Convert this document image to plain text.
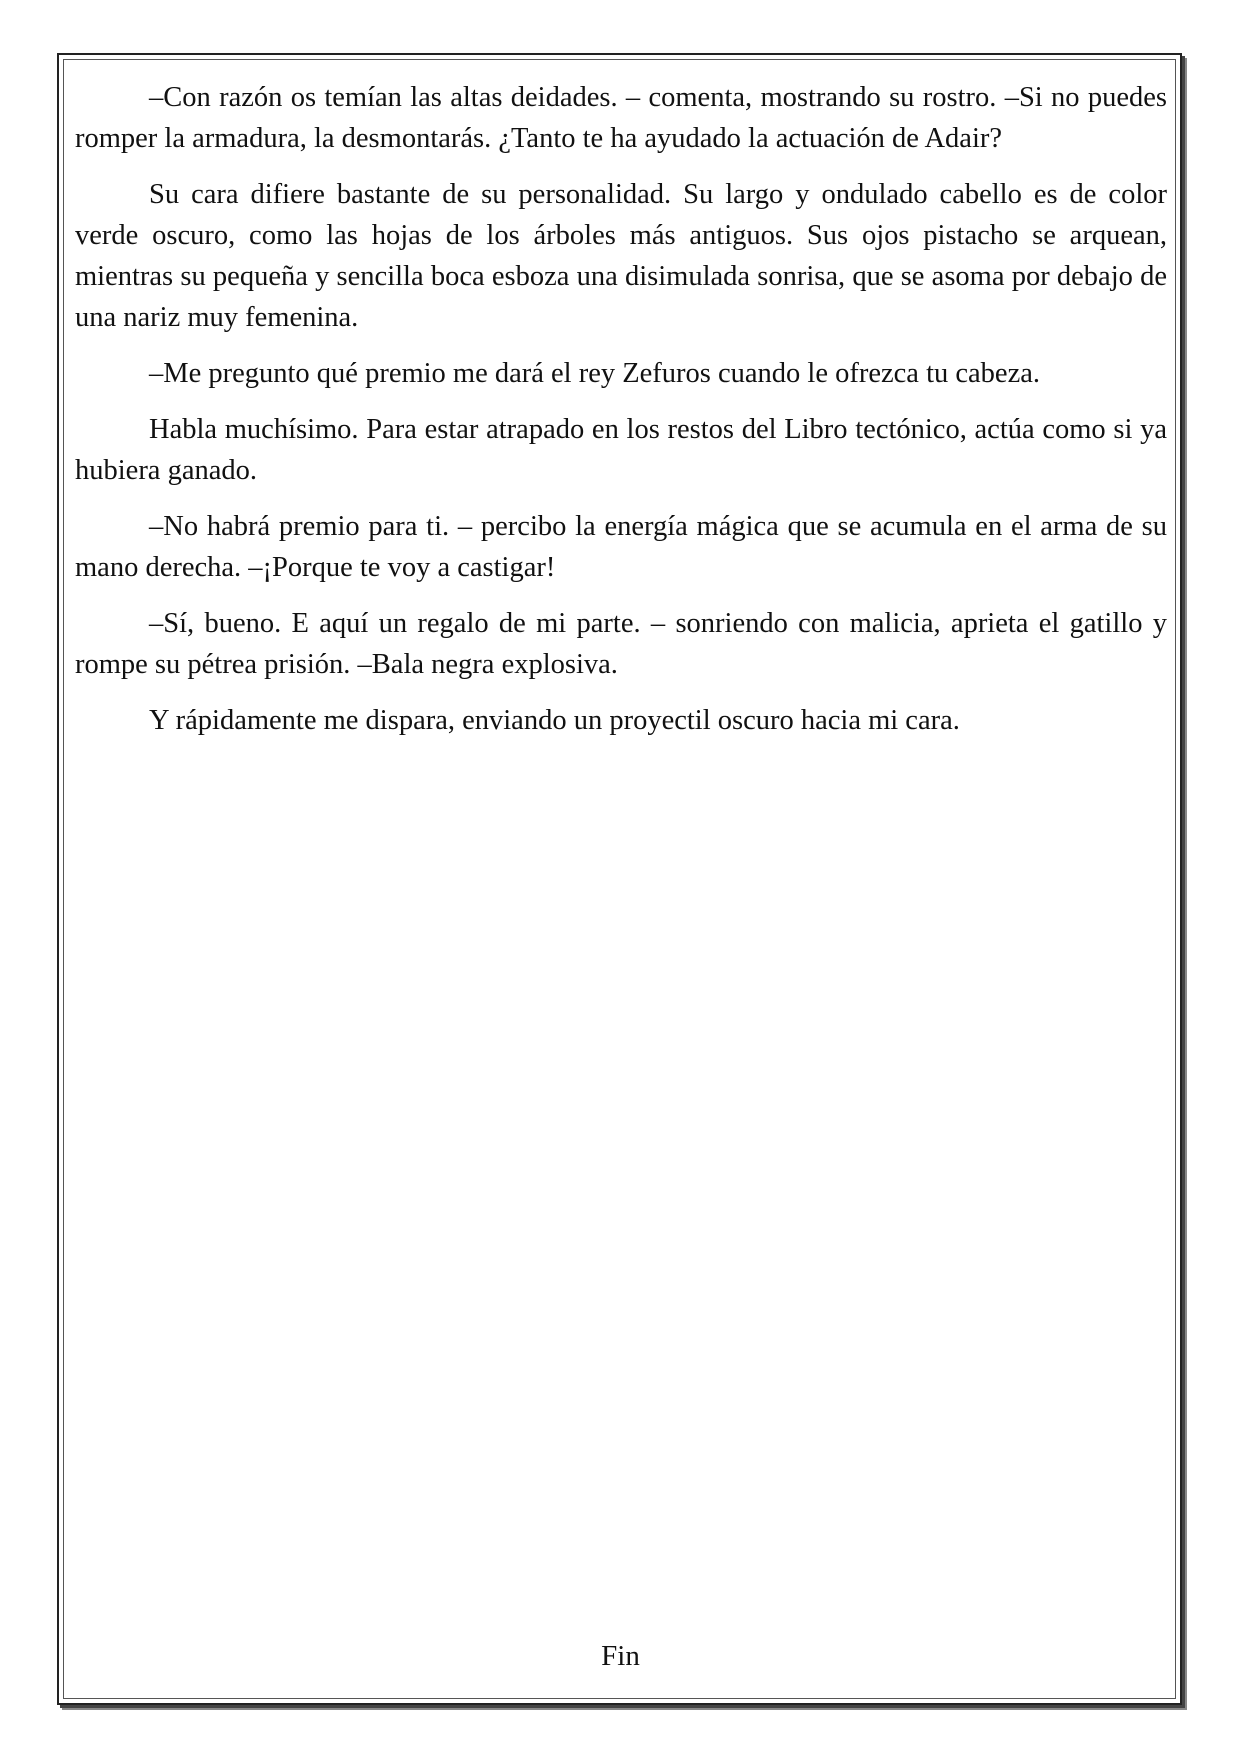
–Con razón os temían las altas deidades. – comenta, mostrando su rostro. –Si no puedes romper la armadura, la desmontarás. ¿Tanto te ha ayudado la actuación de Adair?

Su cara difiere bastante de su personalidad. Su largo y ondulado cabello es de color verde oscuro, como las hojas de los árboles más antiguos. Sus ojos pistacho se arquean, mientras su pequeña y sencilla boca esboza una disimulada sonrisa, que se asoma por debajo de una nariz muy femenina.

–Me pregunto qué premio me dará el rey Zefuros cuando le ofrezca tu cabeza.

Habla muchísimo. Para estar atrapado en los restos del Libro tectónico, actúa como si ya hubiera ganado.

–No habrá premio para ti. – percibo la energía mágica que se acumula en el arma de su mano derecha. –¡Porque te voy a castigar!

–Sí, bueno. E aquí un regalo de mi parte. – sonriendo con malicia, aprieta el gatillo y rompe su pétrea prisión. –Bala negra explosiva.

Y rápidamente me dispara, enviando un proyectil oscuro hacia mi cara.

Fin
